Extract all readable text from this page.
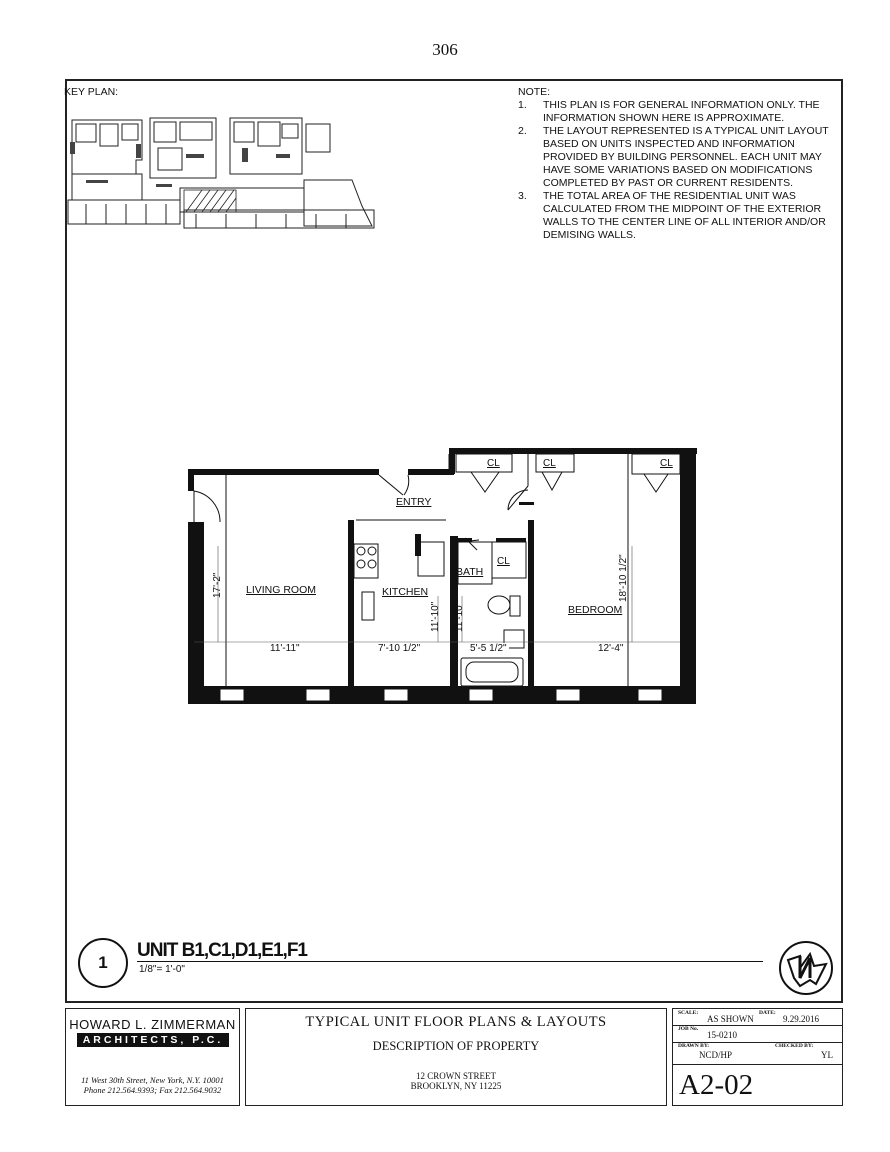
306
KEY PLAN:	NOTE:

1.	THIS PLAN IS FOR GENERAL INFORMATION ONLY. THE INFORMATION SHOWN HERE IS APPROXIMATE.
2.	THE LAYOUT REPRESENTED IS A TYPICAL UNIT LAYOUT BASED ON UNITS INSPECTED AND INFORMATION PROVIDED BY BUILDING PERSONNEL. EACH UNIT MAY HAVE SOME VARIATIONS BASED ON MODIFICATIONS COMPLETED BY PAST OR CURRENT RESIDENTS.
3.	THE TOTAL AREA OF THE RESIDENTIAL UNIT WAS CALCULATED FROM THE MIDPOINT OF THE EXTERIOR WALLS TO THE CENTER LINE OF ALL INTERIOR AND/OR DEMISING WALLS.
ENTRY
LIVING ROOM	KITCHEN
BATH
BEDROOM
CL	CL	CL
CL
11'-11"	7'-10 1/2"	5'-5 1/2"	12'-4"
17'-2"
11'-10" 11'-10"
18'-10 1/2"
1
UNIT B1,C1,D1,E1,F1
1/8"= 1'-0"
HOWARD L. ZIMMERMAN
ARCHITECTS, P.C.
11 West 30th Street, New York, N.Y. 10001
Phone 212.564.9393; Fax 212.564.9032
TYPICAL UNIT FLOOR PLANS & LAYOUTS
DESCRIPTION OF PROPERTY
12 CROWN STREET
BROOKLYN, NY 11225
SCALE:
AS SHOWN
DATE:
9.29.2016
JOB No.
15-0210
DRAWN BY:
NCD/HP
CHECKED BY:
YL
A2-02
